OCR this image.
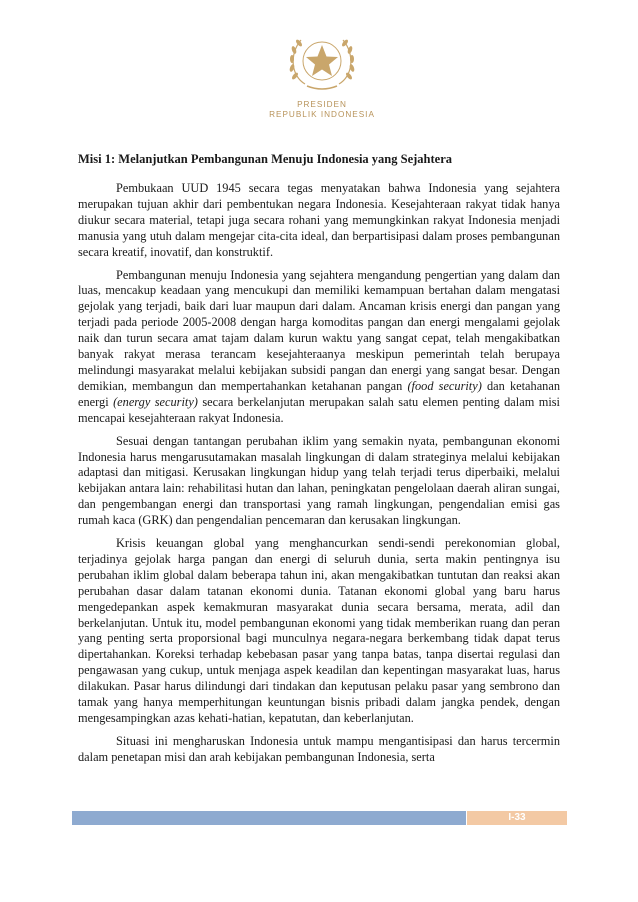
PRESIDEN
REPUBLIK INDONESIA
Misi 1: Melanjutkan Pembangunan Menuju Indonesia yang Sejahtera

Pembukaan UUD 1945 secara tegas menyatakan bahwa Indonesia yang sejahtera merupakan tujuan akhir dari pembentukan negara Indonesia. Kesejahteraan rakyat tidak hanya diukur secara material, tetapi juga secara rohani yang memungkinkan rakyat Indonesia menjadi manusia yang utuh dalam mengejar cita-cita ideal, dan berpartisipasi dalam proses pembangunan secara kreatif, inovatif, dan konstruktif.

Pembangunan menuju Indonesia yang sejahtera mengandung pengertian yang dalam dan luas, mencakup keadaan yang mencukupi dan memiliki kemampuan bertahan dalam mengatasi gejolak yang terjadi, baik dari luar maupun dari dalam. Ancaman krisis energi dan pangan yang terjadi pada periode 2005-2008 dengan harga komoditas pangan dan energi mengalami gejolak naik dan turun secara amat tajam dalam kurun waktu yang sangat cepat, telah mengakibatkan banyak rakyat merasa terancam kesejahteraanya meskipun pemerintah telah berupaya melindungi masyarakat melalui kebijakan subsidi pangan dan energi yang sangat besar. Dengan demikian, membangun dan mempertahankan ketahanan pangan (food security) dan ketahanan energi (energy security) secara berkelanjutan merupakan salah satu elemen penting dalam misi mencapai kesejahteraan rakyat Indonesia.

Sesuai dengan tantangan perubahan iklim yang semakin nyata, pembangunan ekonomi Indonesia harus mengarusutamakan masalah lingkungan di dalam strateginya melalui kebijakan adaptasi dan mitigasi. Kerusakan lingkungan hidup yang telah terjadi terus diperbaiki, melalui kebijakan antara lain: rehabilitasi hutan dan lahan, peningkatan pengelolaan daerah aliran sungai, dan pengembangan energi dan transportasi yang ramah lingkungan, pengendalian emisi gas rumah kaca (GRK) dan pengendalian pencemaran dan kerusakan lingkungan.

Krisis keuangan global yang menghancurkan sendi-sendi perekonomian global, terjadinya gejolak harga pangan dan energi di seluruh dunia, serta makin pentingnya isu perubahan iklim global dalam beberapa tahun ini, akan mengakibatkan tuntutan dan reaksi akan perubahan dasar dalam tatanan ekonomi dunia. Tatanan ekonomi global yang baru harus mengedepankan aspek kemakmuran masyarakat dunia secara bersama, merata, adil dan berkelanjutan. Untuk itu, model pembangunan ekonomi yang tidak memberikan ruang dan peran yang penting serta proporsional bagi munculnya negara-negara berkembang tidak dapat terus dipertahankan. Koreksi terhadap kebebasan pasar yang tanpa batas, tanpa disertai regulasi dan pengawasan yang cukup, untuk menjaga aspek keadilan dan kepentingan masyarakat luas, harus dilakukan. Pasar harus dilindungi dari tindakan dan keputusan pelaku pasar yang sembrono dan tamak yang hanya memperhitungan keuntungan bisnis pribadi dalam jangka pendek, dengan mengesampingkan azas kehati-hatian, kepatutan, dan keberlanjutan.

Situasi ini mengharuskan Indonesia untuk mampu mengantisipasi dan harus tercermin dalam penetapan misi dan arah kebijakan pembangunan Indonesia, serta

I-33
